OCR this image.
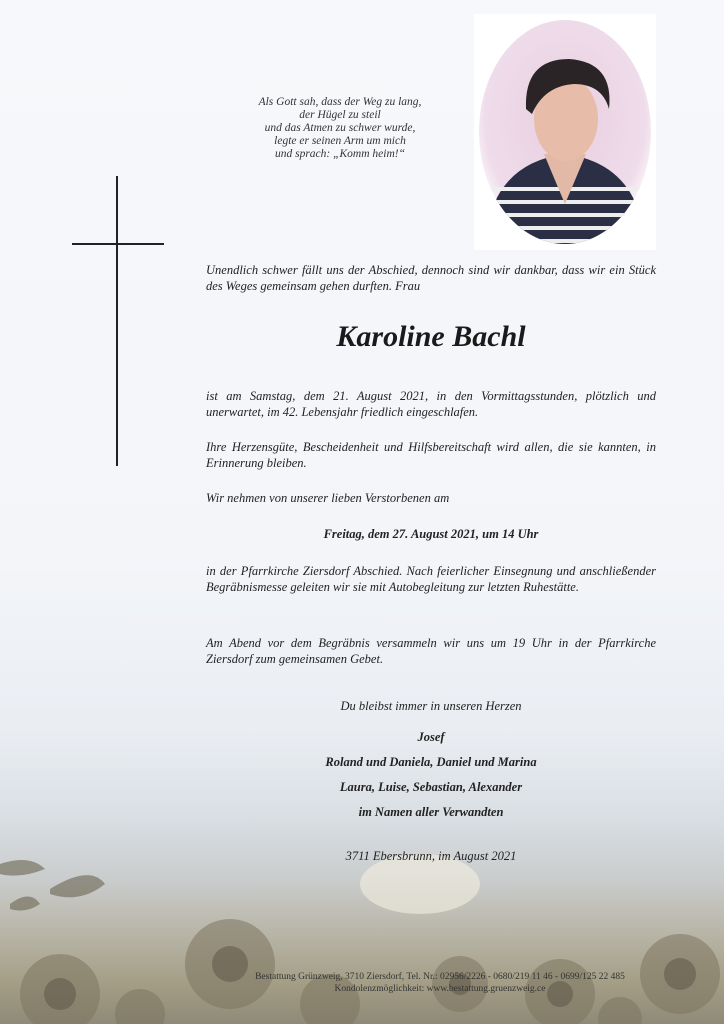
Als Gott sah, dass der Weg zu lang,
der Hügel zu steil
und das Atmen zu schwer wurde,
legte er seinen Arm um mich
und sprach: „Komm heim!“
Unendlich schwer fällt uns der Abschied, dennoch sind wir dankbar, dass wir ein Stück des Weges gemeinsam gehen durften. Frau
Karoline Bachl
ist am Samstag, dem 21. August 2021, in den Vormittagsstunden, plötzlich und unerwartet, im 42. Lebensjahr friedlich eingeschlafen.
Ihre Herzensgüte, Bescheidenheit und Hilfsbereitschaft wird allen, die sie kannten, in Erinnerung bleiben.
Wir nehmen von unserer lieben Verstorbenen am
Freitag, dem 27. August 2021, um 14 Uhr
in der Pfarrkirche Ziersdorf Abschied. Nach feierlicher Einsegnung und anschließender Begräbnismesse geleiten wir sie mit Autobegleitung zur letzten Ruhestätte.
Am Abend vor dem Begräbnis versammeln wir uns um 19 Uhr in der Pfarrkirche Ziersdorf zum gemeinsamen Gebet.
Du bleibst immer in unseren Herzen
Josef
Roland und Daniela, Daniel und Marina
Laura, Luise, Sebastian, Alexander
im Namen aller Verwandten
3711 Ebersbrunn, im August 2021
Bestattung Grünzweig, 3710 Ziersdorf, Tel. Nr.: 02956/2226 - 0680/219 11 46 - 0699/125 22 485
Kondolenzmöglichkeit: www.bestattung.gruenzweig.ce
